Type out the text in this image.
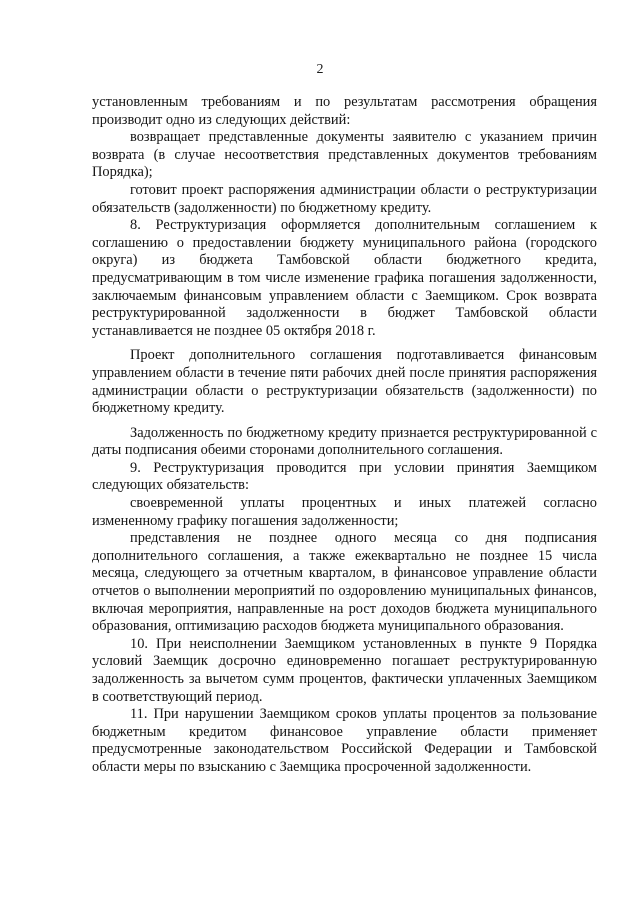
2

установленным требованиям и по результатам рассмотрения обращения производит одно из следующих действий:

возвращает представленные документы заявителю с указанием причин возврата (в случае несоответствия представленных документов требованиям Порядка);

готовит проект распоряжения администрации области о реструктуризации обязательств (задолженности) по бюджетному кредиту.

8. Реструктуризация оформляется дополнительным соглашением к соглашению о предоставлении бюджету муниципального района (городского округа) из бюджета Тамбовской области бюджетного кредита, предусматривающим в том числе изменение графика погашения задолженности, заключаемым финансовым управлением области с Заемщиком. Срок возврата реструктурированной задолженности в бюджет Тамбовской области устанавливается не позднее 05 октября 2018 г.

Проект дополнительного соглашения подготавливается финансовым управлением области в течение пяти рабочих дней после принятия распоряжения администрации области о реструктуризации обязательств (задолженности) по бюджетному кредиту.

Задолженность по бюджетному кредиту признается реструктурированной с даты подписания обеими сторонами дополнительного соглашения.

9. Реструктуризация проводится при условии принятия Заемщиком следующих обязательств:

своевременной уплаты процентных и иных платежей согласно измененному графику погашения задолженности;

представления не позднее одного месяца со дня подписания дополнительного соглашения, а также ежеквартально не позднее 15 числа месяца, следующего за отчетным кварталом, в финансовое управление области отчетов о выполнении мероприятий по оздоровлению муниципальных финансов, включая мероприятия, направленные на рост доходов бюджета муниципального образования, оптимизацию расходов бюджета муниципального образования.

10. При неисполнении Заемщиком установленных в пункте 9 Порядка условий Заемщик досрочно единовременно погашает реструктурированную задолженность за вычетом сумм процентов, фактически уплаченных Заемщиком в соответствующий период.

11. При нарушении Заемщиком сроков уплаты процентов за пользование бюджетным кредитом финансовое управление области применяет предусмотренные законодательством Российской Федерации и Тамбовской области меры по взысканию с Заемщика просроченной задолженности.
